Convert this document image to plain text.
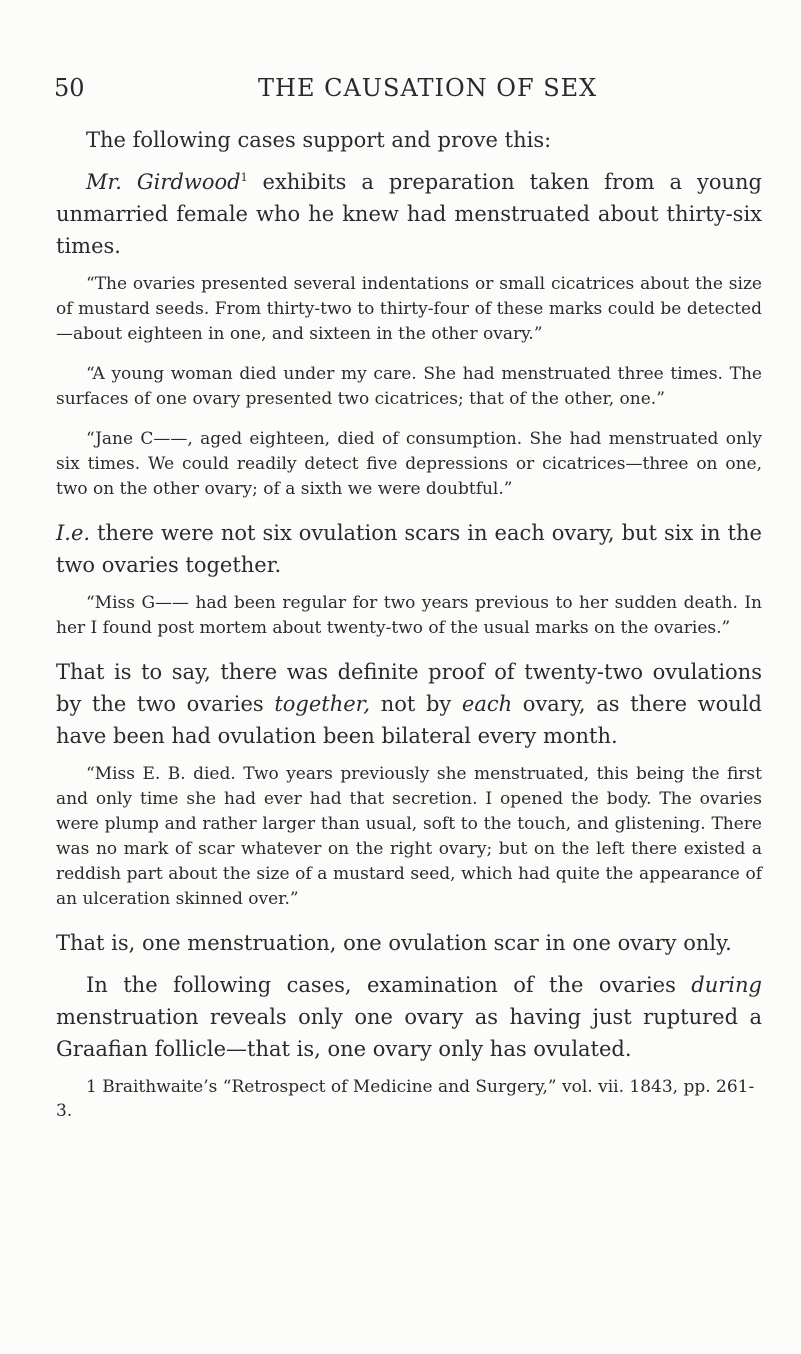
50	THE CAUSATION OF SEX

The following cases support and prove this:

Mr. Girdwood$^1$ exhibits a preparation taken from a young unmarried female who he knew had menstruated about thirty-six times.

“The ovaries presented several indentations or small cicatrices about the size of mustard seeds. From thirty-two to thirty-four of these marks could be detected—about eighteen in one, and sixteen in the other ovary.”

“A young woman died under my care. She had menstruated three times. The surfaces of one ovary presented two cicatrices; that of the other, one.”

“Jane C——, aged eighteen, died of consumption. She had menstruated only six times. We could readily detect five depressions or cicatrices—three on one, two on the other ovary; of a sixth we were doubtful.”

I.e. there were not six ovulation scars in each ovary, but six in the two ovaries together.

“Miss G—— had been regular for two years previous to her sudden death. In her I found post mortem about twenty-two of the usual marks on the ovaries.”

That is to say, there was definite proof of twenty-two ovulations by the two ovaries together, not by each ovary, as there would have been had ovulation been bilateral every month.

“Miss E. B. died. Two years previously she menstruated, this being the first and only time she had ever had that secretion. I opened the body. The ovaries were plump and rather larger than usual, soft to the touch, and glistening. There was no mark of scar whatever on the right ovary; but on the left there existed a reddish part about the size of a mustard seed, which had quite the appearance of an ulceration skinned over.”

That is, one menstruation, one ovulation scar in one ovary only.

In the following cases, examination of the ovaries during menstruation reveals only one ovary as having just ruptured a Graafian follicle—that is, one ovary only has ovulated.

1 Braithwaite’s “Retrospect of Medicine and Surgery,” vol. vii. 1843, pp. 261-3.
